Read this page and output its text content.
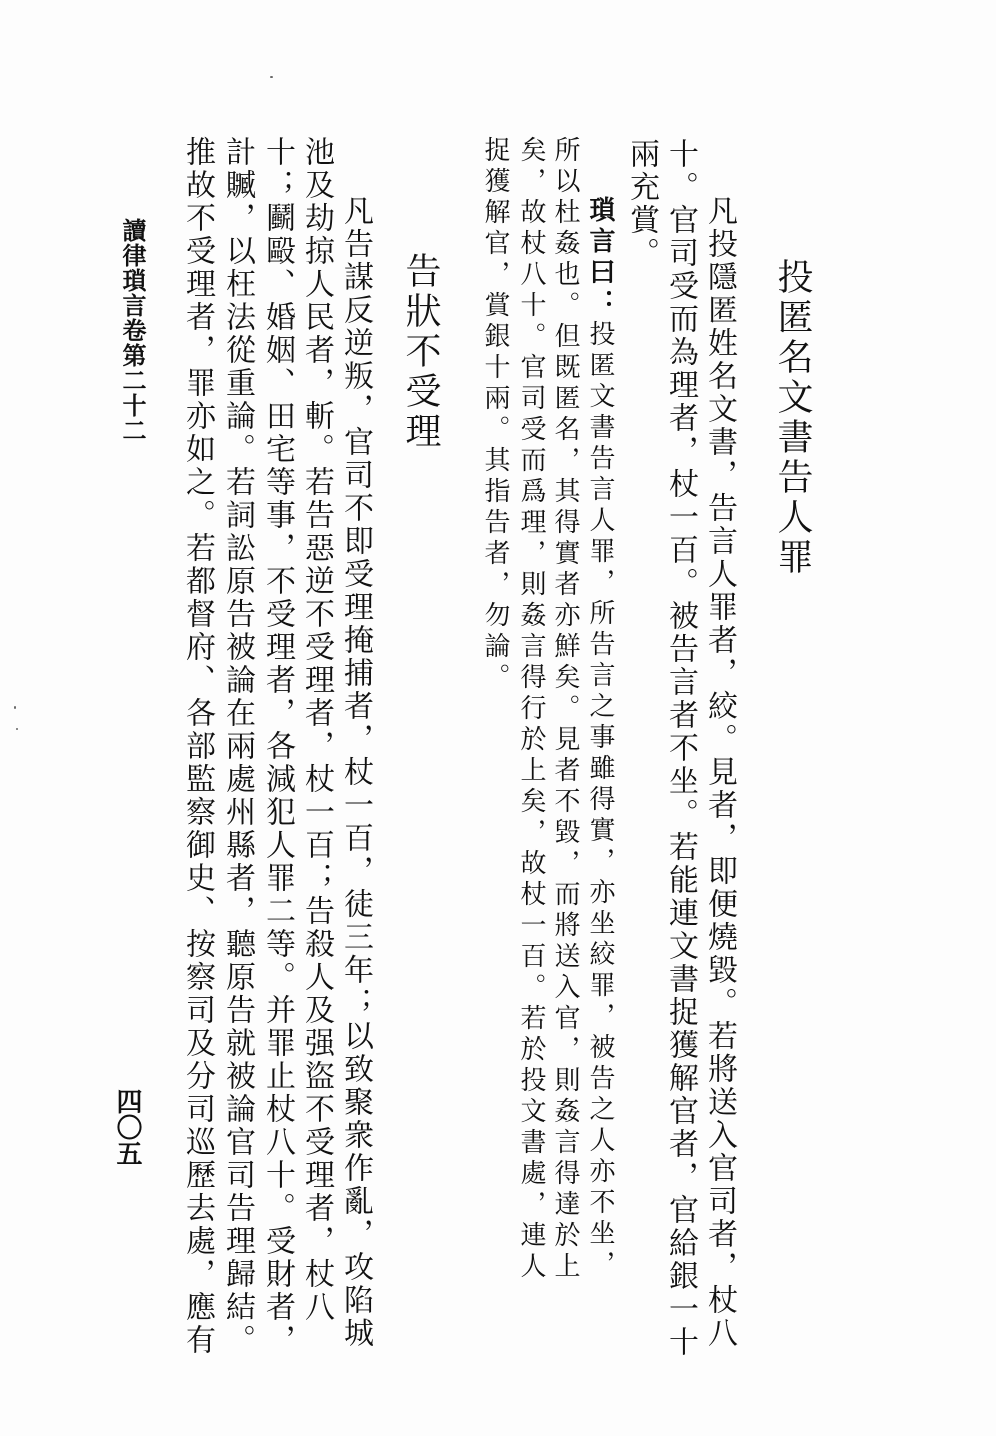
投匿名文書告人罪
凡投隱匿姓名文書，告言人罪者，絞。見者，即便燒毀。若將送入官司者，杖八
十。官司受而為理者，杖一百。被告言者不坐。若能連文書捉獲解官者，官給銀一十
兩充賞。
瑣言曰：投匿文書告言人罪，所告言之事雖得實，亦坐絞罪，被告之人亦不坐，
所以杜姦也。但既匿名，其得實者亦鮮矣。見者不毀，而將送入官，則姦言得達於上
矣，故杖八十。官司受而爲理，則姦言得行於上矣，故杖一百。若於投文書處，連人
捉獲解官，賞銀十兩。其指告者，勿論。
告狀不受理
凡告謀反逆叛，官司不即受理掩捕者，杖一百，徒三年；以致聚衆作亂，攻陷城
池及劫掠人民者，斬。若告惡逆不受理者，杖一百；告殺人及强盜不受理者，杖八
十；鬬毆、婚姻、田宅等事，不受理者，各減犯人罪二等。并罪止杖八十。受財者，
計贓，以枉法從重論。若詞訟原告被論在兩處州縣者，聽原告就被論官司告理歸結。
推故不受理者，罪亦如之。若都督府、各部監察御史、按察司及分司巡歷去處，應有
讀律瑣言卷第二十二
四〇五
